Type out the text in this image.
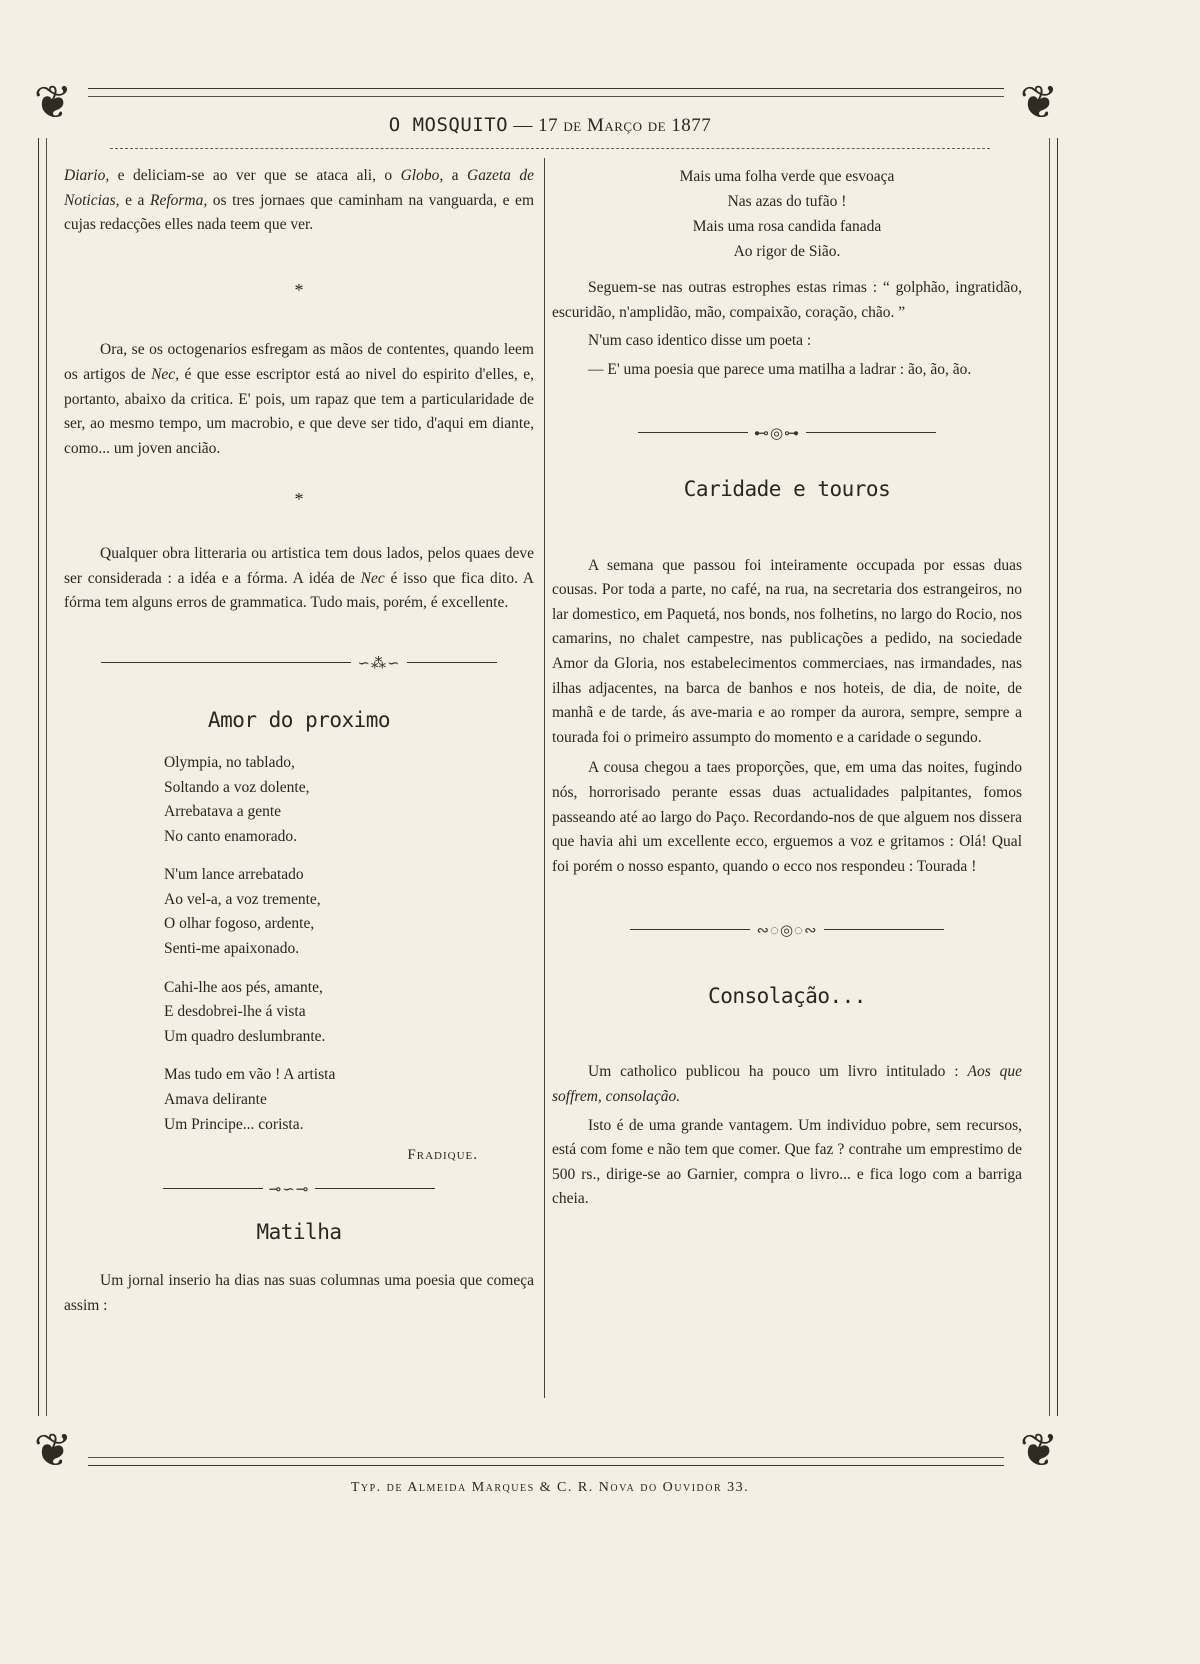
❦	❦
❦	❦
O MOSQUITO — 17 de Março de 1877

Diario, e deliciam-se ao ver que se ataca ali, o Globo, a Gazeta de Noticias, e a Reforma, os tres jornaes que caminham na vanguarda, e em cujas redacções elles nada teem que ver.

*

Ora, se os octogenarios esfregam as mãos de contentes, quando leem os artigos de Nec, é que esse escriptor está ao nivel do espirito d'elles, e, portanto, abaixo da critica. E' pois, um rapaz que tem a particularidade de ser, ao mesmo tempo, um macrobio, e que deve ser tido, d'aqui em diante, como... um joven ancião.

*

Qualquer obra litteraria ou artistica tem dous lados, pelos quaes deve ser considerada : a idéa e a fórma. A idéa de Nec é isso que fica dito. A fórma tem alguns erros de grammatica. Tudo mais, porém, é excellente.

∽⁂∽
Amor do proximo
Olympia, no tablado,
Soltando a voz dolente,
Arrebatava a gente
No canto enamorado.
N'um lance arrebatado
Ao vel-a, a voz tremente,
O olhar fogoso, ardente,
Senti-me apaixonado.
Cahi-lhe aos pés, amante,
E desdobrei-lhe á vista
Um quadro deslumbrante.
Mas tudo em vão ! A artista
Amava delirante
Um Principe... corista.
Fradique.
⊸∽⊸
Matilha

Um jornal inserio ha dias nas suas columnas uma poesia que começa assim :

Mais uma folha verde que esvoaça
Nas azas do tufão !
Mais uma rosa candida fanada
Ao rigor de Sião.

Seguem-se nas outras estrophes estas rimas : “ golphão, ingratidão, escuridão, n'amplidão, mão, compaixão, coração, chão. ”

N'um caso identico disse um poeta :

— E' uma poesia que parece uma matilha a ladrar : ão, ão, ão.

⊷◎⊶
Caridade e touros

A semana que passou foi inteiramente occupada por essas duas cousas. Por toda a parte, no café, na rua, na secretaria dos estrangeiros, no lar domestico, em Paquetá, nos bonds, nos folhetins, no largo do Rocio, nos camarins, no chalet campestre, nas publicações a pedido, na sociedade Amor da Gloria, nos estabelecimentos commerciaes, nas irmandades, nas ilhas adjacentes, na barca de banhos e nos hoteis, de dia, de noite, de manhã e de tarde, ás ave-maria e ao romper da aurora, sempre, sempre a tourada foi o primeiro assumpto do momento e a caridade o segundo.

A cousa chegou a taes proporções, que, em uma das noites, fugindo nós, horrorisado perante essas duas actualidades palpitantes, fomos passeando até ao largo do Paço. Recordando-nos de que alguem nos dissera que havia ahi um excellente ecco, erguemos a voz e gritamos : Olá! Qual foi porém o nosso espanto, quando o ecco nos respondeu : Tourada !

∾◌◎◌∾
Consolação...

Um catholico publicou ha pouco um livro intitulado : Aos que soffrem, consolação.

Isto é de uma grande vantagem. Um individuo pobre, sem recursos, está com fome e não tem que comer. Que faz ? contrahe um emprestimo de 500 rs., dirige-se ao Garnier, compra o livro... e fica logo com a barriga cheia.

Typ. de Almeida Marques & C. R. Nova do Ouvidor 33.
